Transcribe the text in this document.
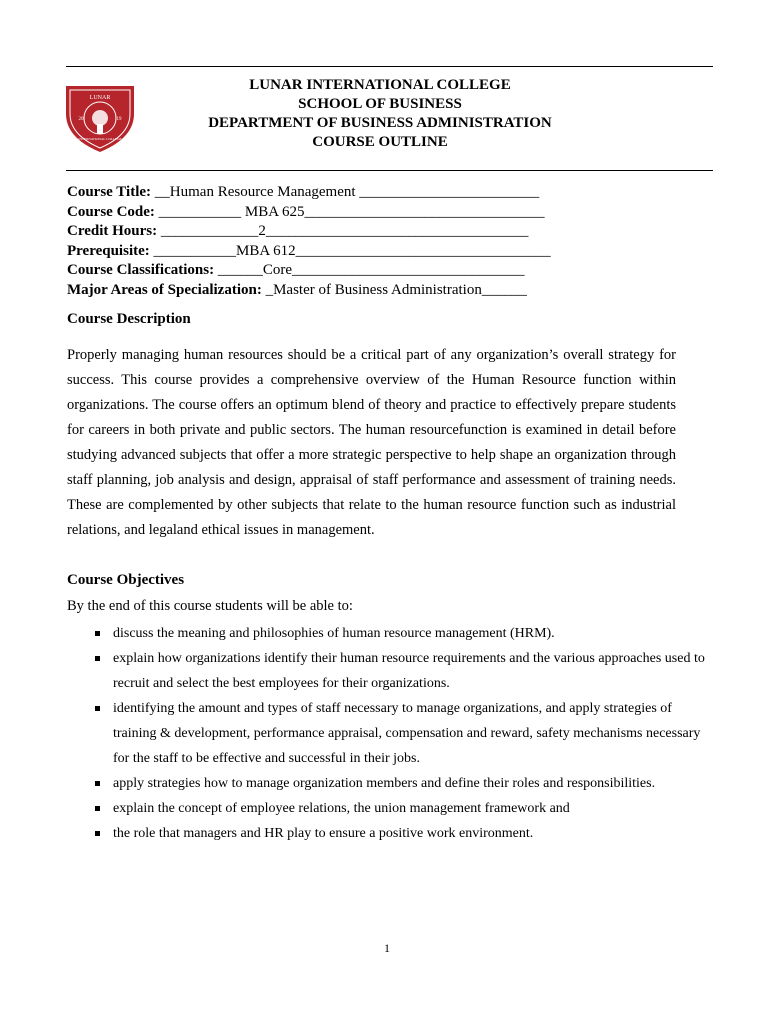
LUNAR
20	19
INTERNATIONAL COLLEGE
LUNAR INTERNATIONAL COLLEGE
SCHOOL OF BUSINESS
DEPARTMENT OF BUSINESS ADMINISTRATION
COURSE OUTLINE
Course Title: __Human Resource Management ________________________
Course Code: ___________ MBA 625________________________________
Credit Hours: _____________2___________________________________
Prerequisite: ___________MBA 612__________________________________
Course Classifications: ______Core_______________________________
Major Areas of Specialization: _Master of Business Administration______
Course Description
Properly managing human resources should be a critical part of any organization’s overall strategy for success. This course provides a comprehensive overview of the Human Resource function within organizations. The course offers an optimum blend of theory and practice to effectively prepare students for careers in both private and public sectors. The human resourcefunction is examined in detail before studying advanced subjects that offer a more strategic perspective to help shape an organization through staff planning, job analysis and design, appraisal of staff performance and assessment of training needs. These are complemented by other subjects that relate to the human resource function such as industrial relations, and legaland ethical issues in management.
Course Objectives
By the end of this course students will be able to:
discuss the meaning and philosophies of human resource management (HRM).
explain how organizations identify their human resource requirements and the various approaches used to recruit and select the best employees for their organizations.
identifying the amount and types of staff necessary to manage organizations, and apply strategies of training & development, performance appraisal, compensation and reward, safety mechanisms necessary for the staff to be effective and successful in their jobs.
apply strategies how to manage organization members and define their roles and responsibilities.
explain the concept of employee relations, the union management framework and
the role that managers and HR play to ensure a positive work environment.
1
